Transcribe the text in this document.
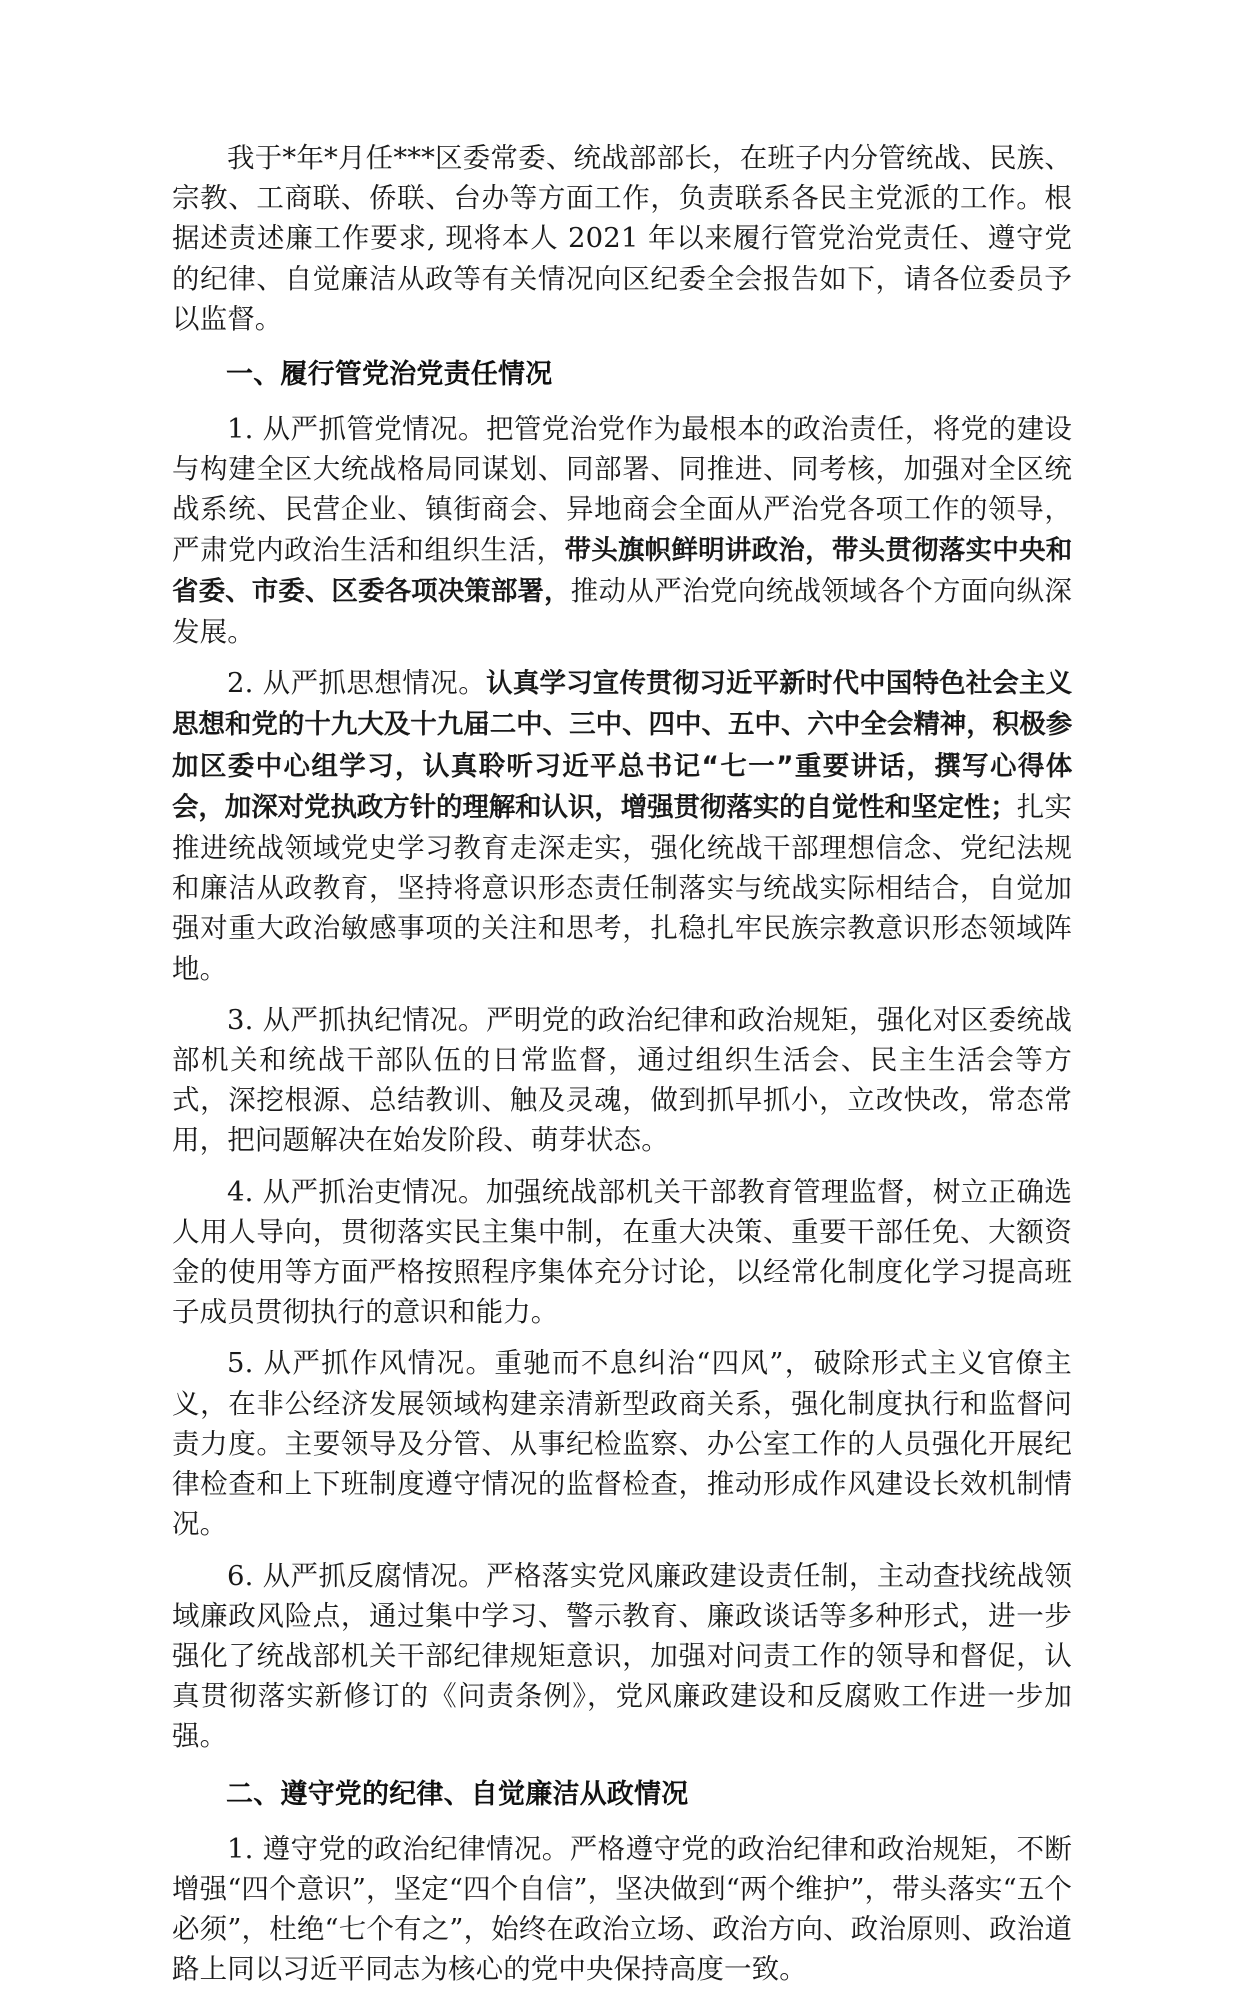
我于*年*月任***区委常委、统战部部长，在班子内分管统战、民族、宗教、工商联、侨联、台办等方面工作，负责联系各民主党派的工作。根据述责述廉工作要求, 现将本人 2021 年以来履行管党治党责任、遵守党的纪律、自觉廉洁从政等有关情况向区纪委全会报告如下，请各位委员予以监督。

一、履行管党治党责任情况

1. 从严抓管党情况。把管党治党作为最根本的政治责任，将党的建设与构建全区大统战格局同谋划、同部署、同推进、同考核，加强对全区统战系统、民营企业、镇街商会、异地商会全面从严治党各项工作的领导，严肃党内政治生活和组织生活，带头旗帜鲜明讲政治，带头贯彻落实中央和省委、市委、区委各项决策部署，推动从严治党向统战领域各个方面向纵深发展。

2. 从严抓思想情况。认真学习宣传贯彻习近平新时代中国特色社会主义思想和党的十九大及十九届二中、三中、四中、五中、六中全会精神，积极参加区委中心组学习，认真聆听习近平总书记“七一”重要讲话，撰写心得体会，加深对党执政方针的理解和认识，增强贯彻落实的自觉性和坚定性；扎实推进统战领域党史学习教育走深走实，强化统战干部理想信念、党纪法规和廉洁从政教育，坚持将意识形态责任制落实与统战实际相结合，自觉加强对重大政治敏感事项的关注和思考，扎稳扎牢民族宗教意识形态领域阵地。

3. 从严抓执纪情况。严明党的政治纪律和政治规矩，强化对区委统战部机关和统战干部队伍的日常监督，通过组织生活会、民主生活会等方式，深挖根源、总结教训、触及灵魂，做到抓早抓小，立改快改，常态常用，把问题解决在始发阶段、萌芽状态。

4. 从严抓治吏情况。加强统战部机关干部教育管理监督，树立正确选人用人导向，贯彻落实民主集中制，在重大决策、重要干部任免、大额资金的使用等方面严格按照程序集体充分讨论，以经常化制度化学习提高班子成员贯彻执行的意识和能力。

5. 从严抓作风情况。重驰而不息纠治“四风”，破除形式主义官僚主义，在非公经济发展领域构建亲清新型政商关系，强化制度执行和监督问责力度。主要领导及分管、从事纪检监察、办公室工作的人员强化开展纪律检查和上下班制度遵守情况的监督检查，推动形成作风建设长效机制情况。

6. 从严抓反腐情况。严格落实党风廉政建设责任制，主动查找统战领域廉政风险点，通过集中学习、警示教育、廉政谈话等多种形式，进一步强化了统战部机关干部纪律规矩意识，加强对问责工作的领导和督促，认真贯彻落实新修订的《问责条例》，党风廉政建设和反腐败工作进一步加强。

二、遵守党的纪律、自觉廉洁从政情况

1. 遵守党的政治纪律情况。严格遵守党的政治纪律和政治规矩，不断增强“四个意识”，坚定“四个自信”，坚决做到“两个维护”，带头落实“五个必须”，杜绝“七个有之”，始终在政治立场、政治方向、政治原则、政治道路上同以习近平同志为核心的党中央保持高度一致。
